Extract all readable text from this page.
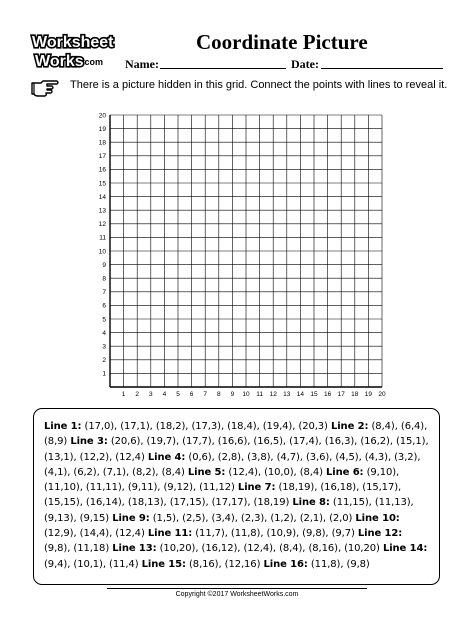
Worksheet
Works
.com
Coordinate Picture
Name:	Date:
There is a picture hidden in this grid. Connect the points with lines to reveal it.
1 2 3 4 5 6 7 8 9 10 11 12 13 14 15 16 17 18 19 20
1
2
3
4
5
6
7
8
9
10
11
12
13
14
15
16
17
18
19
20
Line 1: (17,0), (17,1), (18,2), (17,3), (18,4), (19,4), (20,3) Line 2: (8,4), (6,4), (8,9) Line 3: (20,6), (19,7), (17,7), (16,6), (16,5), (17,4), (16,3), (16,2), (15,1), (13,1), (12,2), (12,4) Line 4: (0,6), (2,8), (3,8), (4,7), (3,6), (4,5), (4,3), (3,2), (4,1), (6,2), (7,1), (8,2), (8,4) Line 5: (12,4), (10,0), (8,4) Line 6: (9,10), (11,10), (11,11), (9,11), (9,12), (11,12) Line 7: (18,19), (16,18), (15,17), (15,15), (16,14), (18,13), (17,15), (17,17), (18,19) Line 8: (11,15), (11,13), (9,13), (9,15) Line 9: (1,5), (2,5), (3,4), (2,3), (1,2), (2,1), (2,0) Line 10: (12,9), (14,4), (12,4) Line 11: (11,7), (11,8), (10,9), (9,8), (9,7) Line 12: (9,8), (11,18) Line 13: (10,20), (16,12), (12,4), (8,4), (8,16), (10,20) Line 14: (9,4), (10,1), (11,4) Line 15: (8,16), (12,16) Line 16: (11,8), (9,8)
Copyright ©2017 WorksheetWorks.com
